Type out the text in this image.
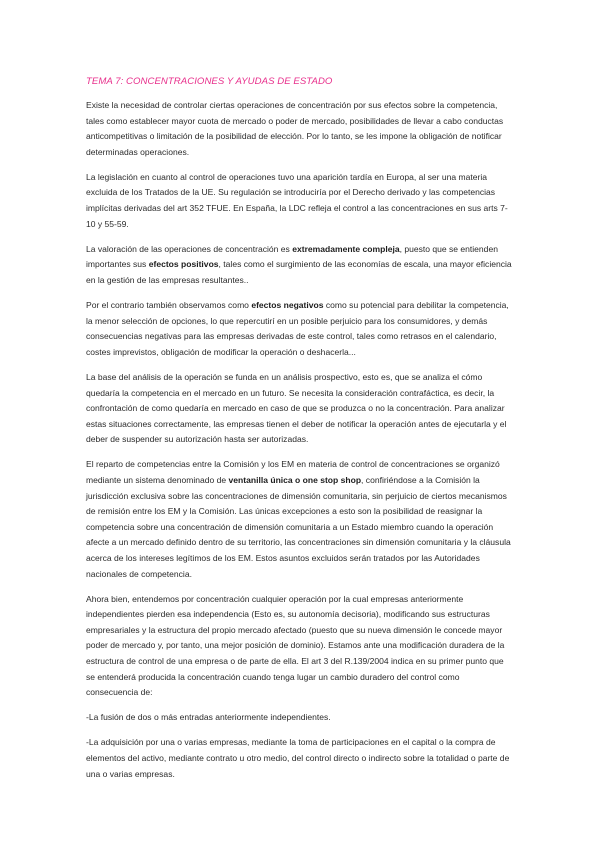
TEMA 7: CONCENTRACIONES Y AYUDAS DE ESTADO

Existe la necesidad de controlar ciertas operaciones de concentración por sus efectos sobre la competencia, tales como establecer mayor cuota de mercado o poder de mercado, posibilidades de llevar a cabo conductas anticompetitivas o limitación de la posibilidad de elección. Por lo tanto, se les impone la obligación de notificar determinadas operaciones.

La legislación en cuanto al control de operaciones tuvo una aparición tardía en Europa, al ser una materia excluida de los Tratados de la UE. Su regulación se introduciría por el Derecho derivado y las competencias implícitas derivadas del art 352 TFUE. En España, la LDC refleja el control a las concentraciones en sus arts 7-10 y 55-59.

La valoración de las operaciones de concentración es extremadamente compleja, puesto que se entienden importantes sus efectos positivos, tales como el surgimiento de las economías de escala, una mayor eficiencia en la gestión de las empresas resultantes..

Por el contrario también observamos como efectos negativos como su potencial para debilitar la competencia, la menor selección de opciones, lo que repercutirí en un posible perjuicio para los consumidores, y demás consecuencias negativas para las empresas derivadas de este control, tales como retrasos en el calendario, costes imprevistos, obligación de modificar la operación o deshacerla...

La base del análisis de la operación se funda en un análisis prospectivo, esto es, que se analiza el cómo quedaría la competencia en el mercado en un futuro. Se necesita la consideración contrafáctica, es decir, la confrontación de como quedaría en mercado en caso de que se produzca o no la concentración. Para analizar estas situaciones correctamente, las empresas tienen el deber de notificar la operación antes de ejecutarla y el deber de suspender su autorización hasta ser autorizadas.

El reparto de competencias entre la Comisión y los EM en materia de control de concentraciones se organizó mediante un sistema denominado de ventanilla única o one stop shop, confiriéndose a la Comisión la jurisdicción exclusiva sobre las concentraciones de dimensión comunitaria, sin perjuicio de ciertos mecanismos de remisión entre los EM y la Comisión. Las únicas excepciones a esto son la posibilidad de reasignar la competencia sobre una concentración de dimensión comunitaria a un Estado miembro cuando la operación afecte a un mercado definido dentro de su territorio, las concentraciones sin dimensión comunitaria y la cláusula acerca de los intereses legítimos de los EM. Estos asuntos excluidos serán tratados por las Autoridades nacionales de competencia.

Ahora bien, entendemos por concentración cualquier operación por la cual empresas anteriormente independientes pierden esa independencia (Esto es, su autonomía decisoria), modificando sus estructuras empresariales y la estructura del propio mercado afectado (puesto que su nueva dimensión le concede mayor poder de mercado y, por tanto, una mejor posición de dominio). Estamos ante una modificación duradera de la estructura de control de una empresa o de parte de ella. El art 3 del R.139/2004 indica en su primer punto que se entenderá producida la concentración cuando tenga lugar un cambio duradero del control como consecuencia de:

-La fusión de dos o más entradas anteriormente independientes.

-La adquisición por una o varias empresas, mediante la toma de participaciones en el capital o la compra de elementos del activo, mediante contrato u otro medio, del control directo o indirecto sobre la totalidad o parte de una o varias empresas.
